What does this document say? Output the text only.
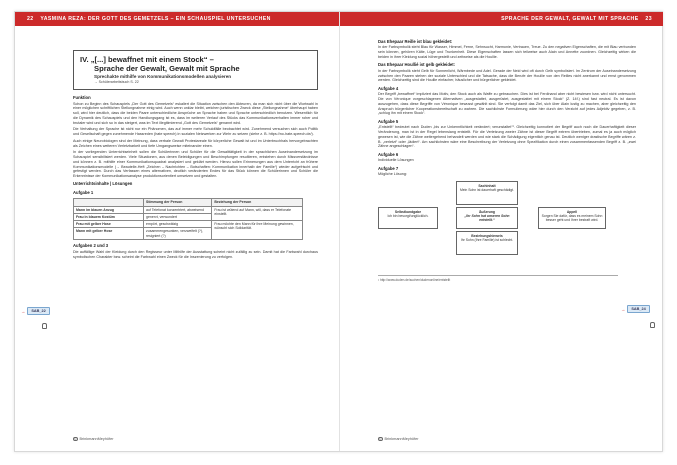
22 YASMINA REZA: DER GOTT DES GEMETZELS – EIN SCHAUSPIEL UNTERSUCHEN
IV. „[...] bewaffnet mit einem Stock“ –
Sprache der Gewalt, Gewalt mit Sprache
Sprechakte mithilfe von Kommunikationsmodellen analysieren
→ Schülerarbeitsbuch S. 22
Funktion

Schon zu Beginn des Schauspiels „Der Gott des Gemetzels“ eskaliert die Situation zwischen den Akteuren, da man sich nicht über die Wortwahl in einer möglichen schriftlichen Stellungnahme einig wird. Auch wenn unklar bleibt, welchen juristischen Zweck diese „Stellungnahme“ überhaupt haben soll, wird hier deutlich, dass die beiden Paare unterschiedliche Ansprüche an Sprache haben und Sprache unterschiedlich benutzen. Wesentlich für die Dynamik des Schauspiels und den Handlungsgang ist es, dass im weiteren Verlauf des Stücks das Kommunikationsverhalten immer roher und brutaler wird und sich so in das steigert, was im Text illegitimierend „Gott des Gemetzels“ genannt wird.

Die Verhaltung der Sprache ist nicht nur ein Phänomen, das auf immer mehr Schuldfälle beobachtet wird. Zunehmend versuchen sich auch Politik und Gesellschaft gegen zunehmende Hassreden (hate speech) in sozialen Netzwerken zur Wehr zu setzen (siehe z. B. https://no-hate-speech.de/).

Auch einige Neurobiologen sind der Meinung, dass verbale Gewalt Protestareale für körperliche Gewalt ist und im Unterbruchhals hervorgebrachten als Zeichen eines weiteren Verletzbarkeit und tiefe Umgangsweise miteinander einen.

In der vorliegenden Unterrichtseinheit sollen die Schülerinnen und Schüler für die Gewalttätigkeit in der sprachlichen Auseinandersetzung im Schauspiel sensibilisiert werden. Viele Situationen, aus denen Beleidigungen und Beschimpfungen resultieren, entstehen durch Missverständnisse und können z. B. mithilfe einer Kommunikationsquadrat analysiert und geklärt werden. Hierzu sollen Erinnerungen aus dem Unterricht an frühere Kommunikationsmodelle (→ Beautelle-Heft „Zeichen – Nachrichten – Botschaften: Kommunikation innerhalb der Familie“) wieder aufgefrischt und gefestigt werden. Durch das Verfassen eines alternativen, deutlich veränderten Endes für das Stück können die Schülerinnen und Schüler die Erkenntnisse der Kommunikationsanalyse produktionsorientiert umsetzen und gestalten.

Unterrichtsinhalte | Lösungen
Aufgabe 1
	Stimmung der Person	Beziehung der Person
Mann im blauen Anzug	auf Telefonat konzentriert, abweisend	Frau ist wütend auf Mann, will, dass er Telefonate einstellt.
Frau in blauem Kostüm	genervt, verwundert	
Frau mit gelber Hose	empört, geschwätzig	Frau möchte den Mann für ihre Meinung gewinnen, wünscht sich Solidarität.
Mann mit gelber Hose	zusammengesunken, verzweifelt (?), resigniert (?)	
Aufgaben 2 und 3

Die auffällige Wahl der Kleidung durch den Regisseur unter Mithilfe der Ausstattung scheint nicht zufällig zu sein. Damit hat die Farbwahl durchaus symbolischen Charakter bzw. scheint die Farbwahl einen Zweck für die Inszenierung zu verfolgen.

→	SAB_22
© BrinkmannMeyhöfer
SPRACHE DER GEWALT, GEWALT MIT SPRACHE 23
Das Ehepaar Reille ist blau gekleidet:

In der Farbsymbolik steht Blau für Wasser, Himmel, Ferne, Sehnsucht, Harmonie, Vertrauen, Treue. Zu den negativen Eigenschaften, die mit Blau verbunden sein können, gehören Kälte, Lüge und Trunkenheit. Diese Eigenschaften lassen sich teilweise auch Alain und Annette zuordnen. Gleichzeitig wirken die beiden in ihrer Kleidung sozial höhergestellt und zeitweise als die Houllie.

Das Ehepaar Houllié ist gelb gekleidet:

In der Farbsymbolik steht Gelb für Sonnenlicht, Wärmbede und Adel. Gerade der Neid wird oft durch Gelb symbolisiert. Im Zentrum der Auseinandersetzung zwischen den Paaren stehen der soziale Unterschied und die Tatsache, dass die Berufe der Houllie von den Reilles nicht anerkannt und ernst genommen werden. Gleichzeitig sind die Houllie einfacher, häuslicher und bürgerlicher gekleidet.

Aufgabe 4

Der Begriff „bewaffnet“ impliziert das Motiv, den Stock auch als Waffe zu gebrauchen. Dies ist bei Ferdinand aber nicht bewiesen bzw. wird nicht untersucht. Die von Véronique vorgeschlagenen Alternativen „ausgestattet, ausgerüstet, ausgestattet mit einem Stock“ (Z. 14f.) sind fast neutral. Es ist davon auszugehen, dass diese Begriffe von Véronique bewusst gewählt sind. Sie verfolgt damit das Ziel, sich über Alain lustig zu machen, aber gleichzeitig den Anspruch bürgerlicher Kooperationsbereitschaft zu wahren. Die sachlichste Formulierung wäre hier durch den Verzicht auf jedes Adjektiv gegeben, z. B. „schlug ihn mit einem Stock“.

Aufgabe 5

„Entstellt“ bedeutet nach Duden „bis zur Unkenntlichkeit verändert; verunstaltet“¹. Gleichzeitig konnotiert der Begriff auch noch die Dauerhaftigkeit dieser Veränderung, man ist in der Regel lebenslang entstellt. Für die Verletzung zweier Zähne ist dieser Begriff extrem übertrieben, zumal es ja auch möglich gewesen ist, wie die Zähne weitergehend behandelt werden und wie stark die Schädigung eigentlich genau ist. Deutlich weniger drastische Begriffe wären z. B. „verletzt“ oder „lädiert“. Am sachlichsten wäre eine Beschreibung der Verletzung ohne Spezifikation durch einen zusammenfassenden Begriff z. B. „zwei Zähne angeschlagen“.

Aufgabe 6

Individuelle Lösungen

Aufgabe 7

Mögliche Lösung:

Sachinhalt
Mein Sohn ist dauerhaft geschädigt.
Selbstkundgabe
Ich bin besorgt/unglücklich.
Äußerung
„Ihr Sohn hat unseren Sohn entstellt.“
Appell
Sorgen Sie dafür, dass es meinem Sohn besser geht und Ihrer bestraft wird.
Beziehungshinweis
Ihr Sohn (Ihre Familie) ist schlecht.
¹ http://www.duden.de/suchen/dudenonline/entstellt
→	SAB_24
© BrinkmannMeyhöfer
